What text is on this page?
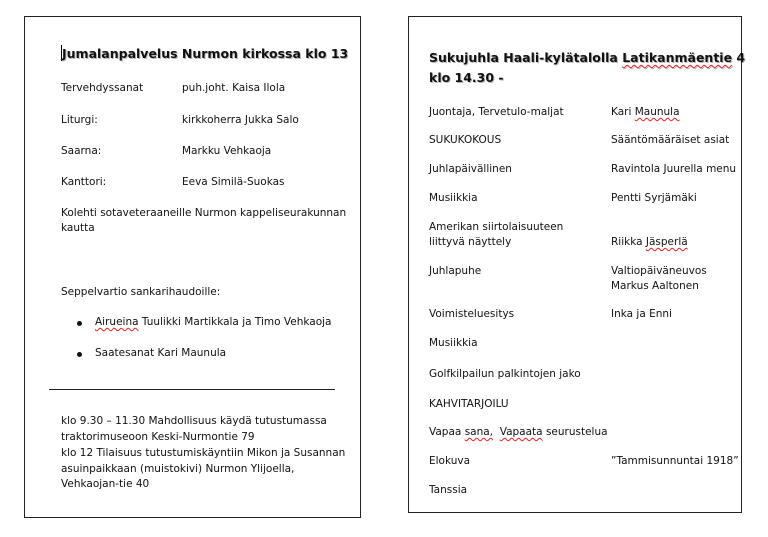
Jumalanpalvelus Nurmon kirkossa klo 13
Tervehdyssanat	puh.joht. Kaisa Ilola
Liturgi:	kirkkoherra Jukka Salo
Saarna:	Markku Vehkaoja
Kanttori:	Eeva Similä-Suokas
Kolehti sotaveteraaneille Nurmon kappeliseurakunnan
kautta
Seppelvartio sankarihaudoille:
Airueina Tuulikki Martikkala ja Timo Vehkaoja
Saatesanat Kari Maunula
klo 9.30 – 11.30 Mahdollisuus käydä tutustumassa traktorimuseoon Keski-Nurmontie 79
klo 12 Tilaisuus tutustumiskäyntiin Mikon ja Susannan asuinpaikkaan (muistokivi) Nurmon Ylijoella, Vehkaojan-tie 40
Sukujuhla Haali-kylätalolla Latikanmäentie 4
klo 14.30 -
Juontaja, Tervetulo-maljat	Kari Maunula
SUKUKOKOUS	Sääntömääräiset asiat
Juhlapäivällinen	Ravintola Juurella menu
Musiikkia	Pentti Syrjämäki
Amerikan siirtolaisuuteen
liittyvä näyttely	Riikka Jäsperlä
Juhlapuhe	Valtiopäiväneuvos
Markus Aaltonen
Voimisteluesitys	Inka ja Enni
Musiikkia
Golfkilpailun palkintojen jako
KAHVITARJOILU
Vapaa sana, Vapaata seurustelua
Elokuva	”Tammisunnuntai 1918”
Tanssia
